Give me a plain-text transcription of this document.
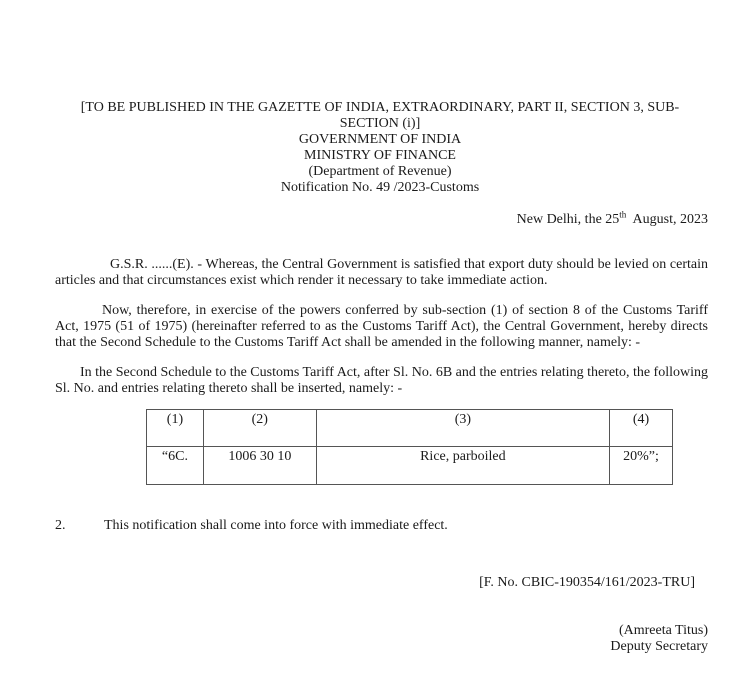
[TO BE PUBLISHED IN THE GAZETTE OF INDIA, EXTRAORDINARY, PART II, SECTION 3, SUB-
SECTION (i)]
GOVERNMENT OF INDIA
MINISTRY OF FINANCE
(Department of Revenue)
Notification No. 49 /2023-Customs
New Delhi, the 25th  August, 2023
G.S.R. ......(E). - Whereas, the Central Government is satisfied that export duty should be levied on certain articles and that circumstances exist which render it necessary to take immediate action.
Now, therefore, in exercise of the powers conferred by sub-section (1) of section 8 of the Customs Tariff Act, 1975 (51 of 1975) (hereinafter referred to as the Customs Tariff Act), the Central Government, hereby directs that the Second Schedule to the Customs Tariff Act shall be amended in the following manner, namely: -
In the Second Schedule to the Customs Tariff Act, after Sl. No. 6B and the entries relating thereto, the following Sl. No. and entries relating thereto shall be inserted, namely: -
(1)	(2)	(3)	(4)
“6C.	1006 30 10	Rice, parboiled	20%”;
2.	This notification shall come into force with immediate effect.
[F. No. CBIC-190354/161/2023-TRU]
(Amreeta Titus)
Deputy Secretary
